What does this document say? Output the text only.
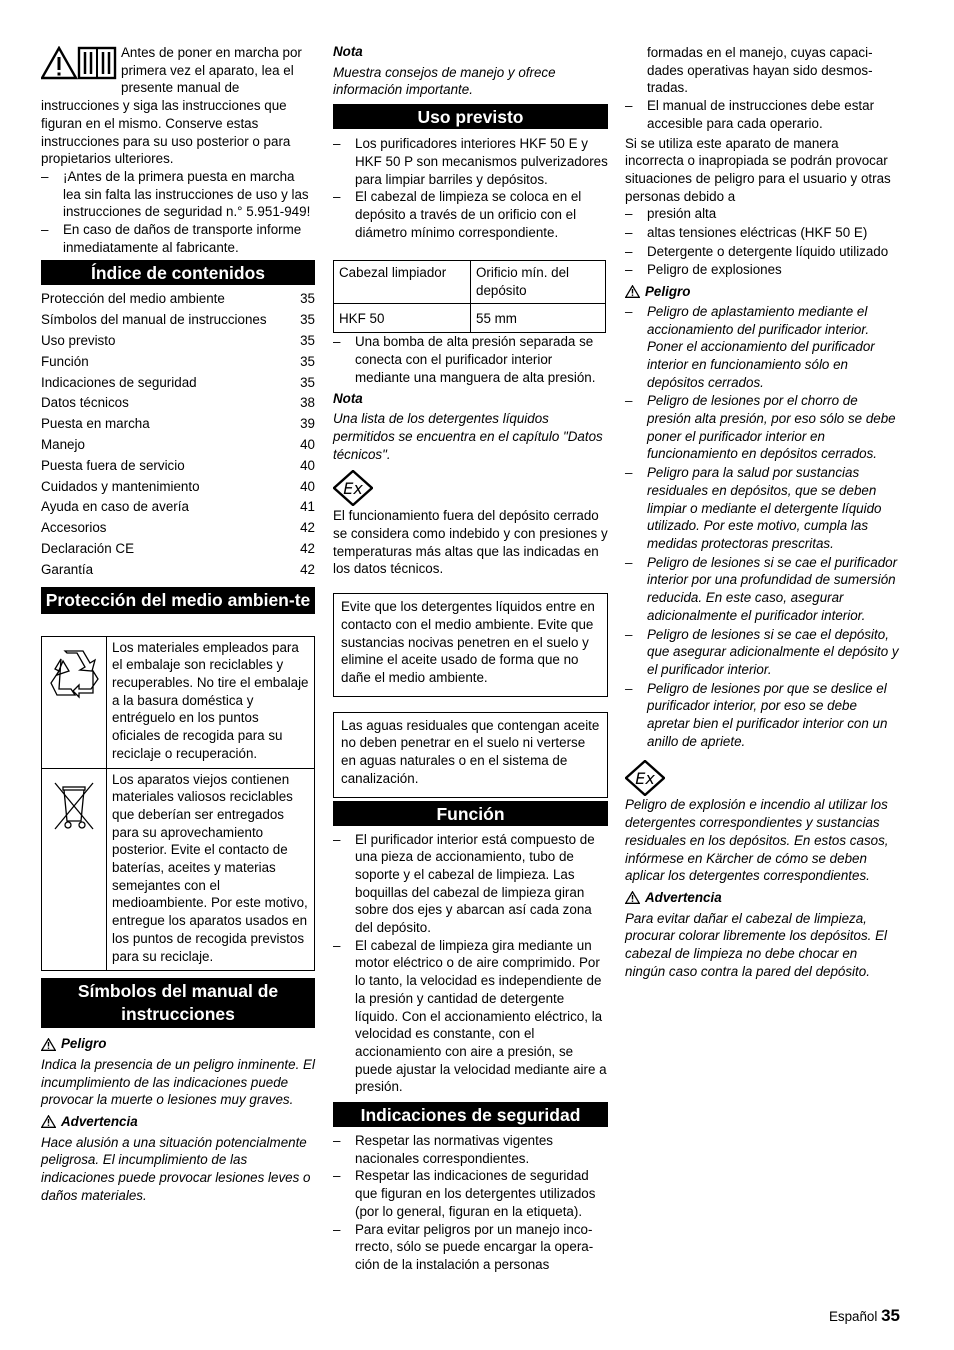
Antes de poner en marcha por primera vez el aparato, lea el presente manual de instrucciones y siga las instrucciones que figuran en el mismo. Conserve estas instrucciones para su uso posterior o para propietarios ulteriores.

– ¡Antes de la primera puesta en marcha lea sin falta las instrucciones de uso y las instrucciones de seguridad n.° 5.951-949!
– En caso de daños de transporte informe inmediatamente al fabricante.
Índice de contenidos
Protección del medio ambiente	35
Símbolos del manual de instrucciones	35
Uso previsto	35
Función	35
Indicaciones de seguridad	35
Datos técnicos	38
Puesta en marcha	39
Manejo	40
Puesta fuera de servicio	40
Cuidados y mantenimiento	40
Ayuda en caso de avería	41
Accesorios	42
Declaración CE	42
Garantía	42
Protección del medio ambien-te
	Los materiales empleados para el embalaje son reciclables y recuperables. No tire el embalaje a la basura doméstica y entréguelo en los puntos oficiales de recogida para su reciclaje o recuperación.
	Los aparatos viejos contienen materiales valiosos reciclables que deberían ser entregados para su aprovechamiento posterior. Evite el contacto de baterías, aceites y materias semejantes con el medioambiente. Por este motivo, entregue los aparatos usados en los puntos de recogida previstos para su reciclaje.
Símbolos del manual de instrucciones
Peligro

Indica la presencia de un peligro inminente. El incumplimiento de las indicaciones puede provocar la muerte o lesiones muy graves.

Advertencia

Hace alusión a una situación potencialmente peligrosa. El incumplimiento de las indicaciones puede provocar lesiones leves o daños materiales.

Nota

Muestra consejos de manejo y ofrece información importante.

Uso previsto
– Los purificadores interiores HKF 50 E y HKF 50 P son mecanismos pulverizadores para limpiar barriles y depósitos.
– El cabezal de limpieza se coloca en el depósito a través de un orificio con el diámetro mínimo correspondiente.
Cabezal limpiador	Orificio mín. del depósito
HKF 50	55 mm
– Una bomba de alta presión separada se conecta con el purificador interior mediante una manguera de alta presión.

Nota

Una lista de los detergentes líquidos permitidos se encuentra en el capítulo "Datos técnicos".

Ex

El funcionamiento fuera del depósito cerrado se considera como indebido y con presiones y temperaturas más altas que las indicadas en los datos técnicos.

Evite que los detergentes líquidos entre en contacto con el medio ambiente. Evite que sustancias nocivas penetren en el suelo y elimine el aceite usado de forma que no dañe el medio ambiente.

Las aguas residuales que contengan aceite no deben penetrar en el suelo ni verterse en aguas naturales o en el sistema de canalización.

Función
– El purificador interior está compuesto de una pieza de accionamiento, tubo de soporte y el cabezal de limpieza. Las boquillas del cabezal de limpieza giran sobre dos ejes y abarcan así cada zona del depósito.
– El cabezal de limpieza gira mediante un motor eléctrico o de aire comprimido. Por lo tanto, la velocidad es independiente de la presión y cantidad de detergente líquido. Con el accionamiento eléctrico, la velocidad es constante, con el accionamiento con aire a presión, se puede ajustar la velocidad mediante aire a presión.
Indicaciones de seguridad
– Respetar las normativas vigentes nacionales correspondientes.
– Respetar las indicaciones de seguridad que figuran en los detergentes utilizados (por lo general, figuran en la etiqueta).
– Para evitar peligros por un manejo inco-rrecto, sólo se puede encargar la opera-ción de la instalación a personas

formadas en el manejo, cuyas capaci-dades operativas hayan sido desmos-tradas.

– El manual de instrucciones debe estar accesible para cada operario.

Si se utiliza este aparato de manera incorrecta o inapropiada se podrán provocar situaciones de peligro para el usuario y otras personas debido a

– presión alta
– altas tensiones eléctricas (HKF 50 E)
– Detergente o detergente líquido utilizado
– Peligro de explosiones
Peligro
– Peligro de aplastamiento mediante el accionamiento del purificador interior. Poner el accionamiento del purificador interior en funcionamiento sólo en depósitos cerrados.
– Peligro de lesiones por el chorro de presión alta presión, por eso sólo se debe poner el purificador interior en funcionamiento en depósitos cerrados.
– Peligro para la salud por sustancias residuales en depósitos, que se deben limpiar o mediante el detergente líquido utilizado. Por este motivo, cumpla las medidas protectoras prescritas.
– Peligro de lesiones si se cae el purificador interior por una profundidad de sumersión reducida. En este caso, asegurar adicionalmente el purificador interior.
– Peligro de lesiones si se cae el depósito, que asegurar adicionalmente el depósito y el purificador interior.
– Peligro de lesiones por que se deslice el purificador interior, por eso se debe apretar bien el purificador interior con un anillo de apriete.
Ex

Peligro de explosión e incendio al utilizar los detergentes correspondientes y sustancias residuales en los depósitos. En estos casos, infórmese en Kärcher de cómo se deben aplicar los detergentes correspondientes.

Advertencia

Para evitar dañar el cabezal de limpieza, procurar colorar libremente los depósitos. El cabezal de limpieza no debe chocar en ningún caso contra la pared del depósito.

Español 35
